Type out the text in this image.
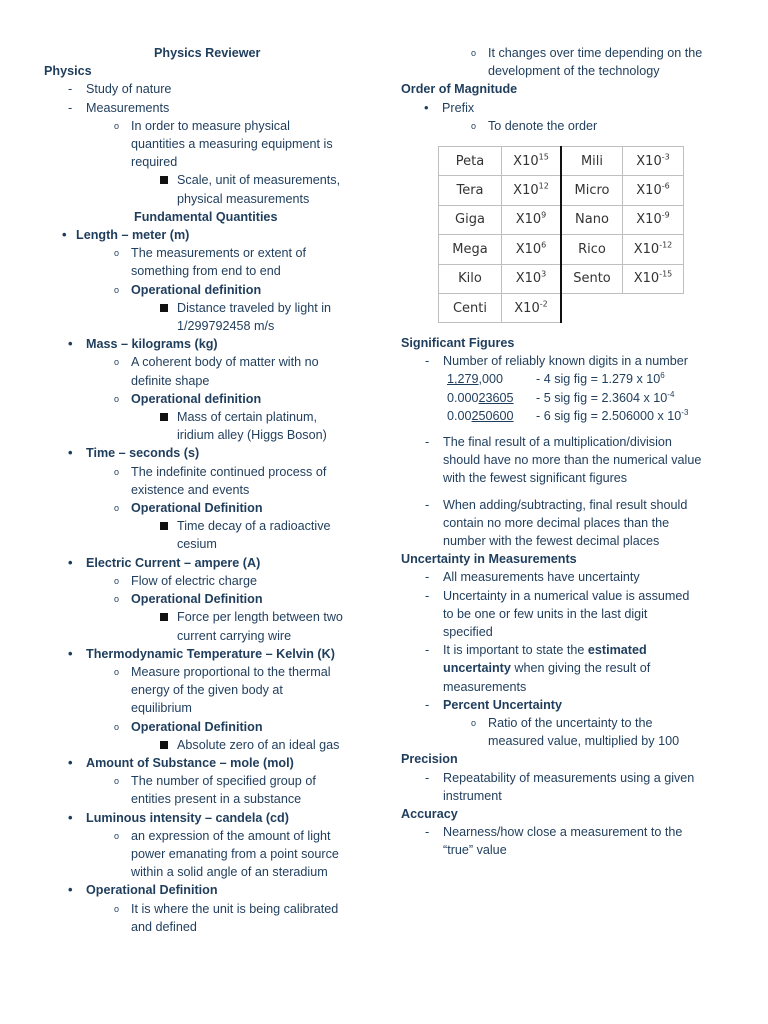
Physics Reviewer
Physics
- Study of nature
- Measurements
o In order to measure physical
quantities a measuring equipment is
required
Scale, unit of measurements,
physical measurements
Fundamental Quantities
• Length – meter (m)
o The measurements or extent of
something from end to end
o Operational definition
Distance traveled by light in
1/299792458 m/s
• Mass – kilograms (kg)
o A coherent body of matter with no
definite shape
o Operational definition
Mass of certain platinum,
iridium alley (Higgs Boson)
• Time – seconds (s)
o The indefinite continued process of
existence and events
o Operational Definition
Time decay of a radioactive
cesium
• Electric Current – ampere (A)
o Flow of electric charge
o Operational Definition
Force per length between two
current carrying wire
• Thermodynamic Temperature – Kelvin (K)
o Measure proportional to the thermal
energy of the given body at
equilibrium
o Operational Definition
Absolute zero of an ideal gas
• Amount of Substance – mole (mol)
o The number of specified group of
entities present in a substance
• Luminous intensity – candela (cd)
o an expression of the amount of light
power emanating from a point source
within a solid angle of an steradium
• Operational Definition
o It is where the unit is being calibrated
and defined
o It changes over time depending on the
development of the technology
Order of Magnitude
• Prefix
o To denote the order
Peta	$X10^{15}$	Mili	$X10^{-3}$
Tera	$X10^{12}$	Micro	$X10^{-6}$
Giga	$X10^9$	Nano	$X10^{-9}$
Mega	$X10^6$	Rico	$X10^{-12}$
Kilo	$X10^3$	Sento	$X10^{-15}$
Centi	$X10^{-2}$		
Significant Figures
- Number of reliably known digits in a number
1,279,000	- 4 sig fig = 1.279 x $10^6$
0.00023605 - 5 sig fig = 2.3604 x $10^{-4}$
0.00250600 - 6 sig fig = 2.506000 x $10^{-3}$
- The final result of a multiplication/division
should have no more than the numerical value
with the fewest significant figures
- When adding/subtracting, final result should
contain no more decimal places than the
number with the fewest decimal places
Uncertainty in Measurements
- All measurements have uncertainty
- Uncertainty in a numerical value is assumed
to be one or few units in the last digit
specified
- It is important to state the estimated
uncertainty when giving the result of
measurements
- Percent Uncertainty
o Ratio of the uncertainty to the
measured value, multiplied by 100
Precision
- Repeatability of measurements using a given
instrument
Accuracy
- Nearness/how close a measurement to the
“true” value
